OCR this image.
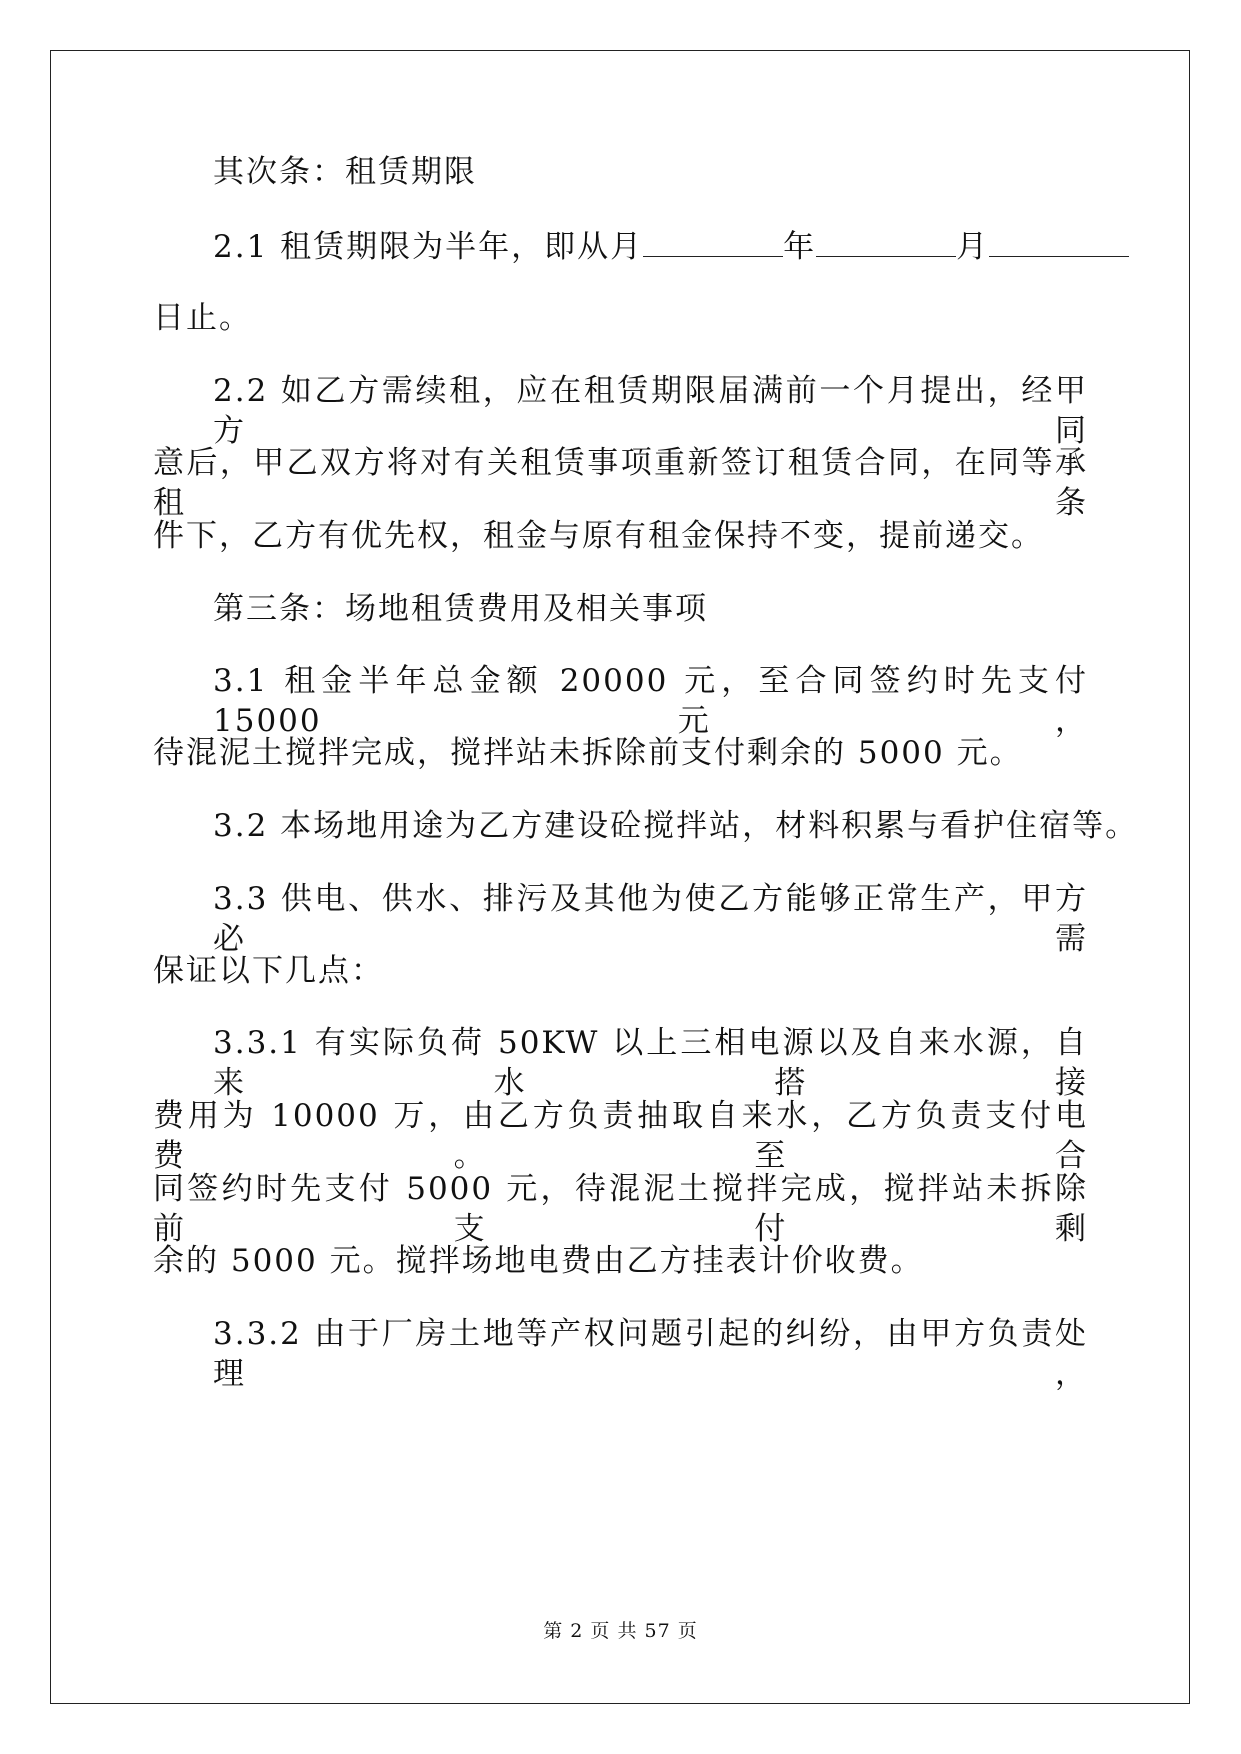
其次条：租赁期限
2.1 租赁期限为半年，即从月	年	月
日止。
2.2 如乙方需续租，应在租赁期限届满前一个月提出，经甲方同
意后，甲乙双方将对有关租赁事项重新签订租赁合同，在同等承租条
件下，乙方有优先权，租金与原有租金保持不变，提前递交。
第三条：场地租赁费用及相关事项
3.1 租金半年总金额 20000 元，至合同签约时先支付 15000 元，
待混泥土搅拌完成，搅拌站未拆除前支付剩余的 5000 元。
3.2 本场地用途为乙方建设砼搅拌站，材料积累与看护住宿等。
3.3 供电、供水、排污及其他为使乙方能够正常生产，甲方必需
保证以下几点：
3.3.1 有实际负荷 50KW 以上三相电源以及自来水源，自来水搭接
费用为 10000 万，由乙方负责抽取自来水，乙方负责支付电费。至合
同签约时先支付 5000 元，待混泥土搅拌完成，搅拌站未拆除前支付剩
余的 5000 元。搅拌场地电费由乙方挂表计价收费。
3.3.2 由于厂房土地等产权问题引起的纠纷，由甲方负责处理，
第 2 页 共 57 页
